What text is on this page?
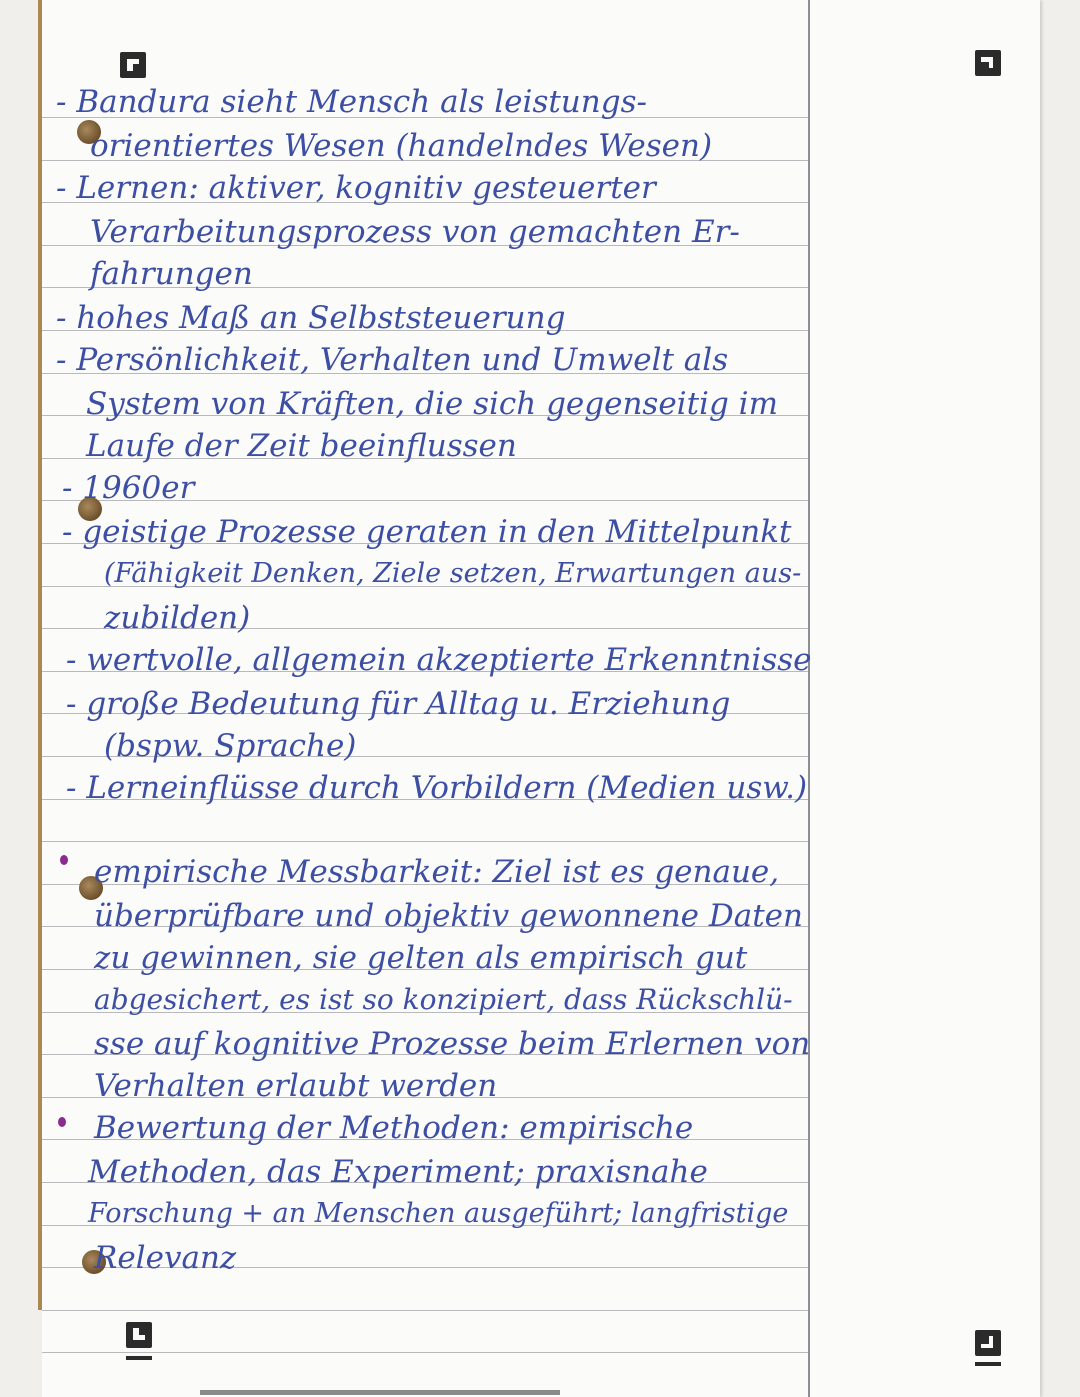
- Bandura sieht Mensch als leistungs-
orientiertes Wesen (handelndes Wesen)
- Lernen: aktiver, kognitiv gesteuerter
Verarbeitungsprozess von gemachten Er-
fahrungen
- hohes Maß an Selbststeuerung
- Persönlichkeit, Verhalten und Umwelt als
System von Kräften, die sich gegenseitig im
Laufe der Zeit beeinflussen
- 1960er
- geistige Prozesse geraten in den Mittelpunkt
(Fähigkeit Denken, Ziele setzen, Erwartungen aus-
zubilden)
- wertvolle, allgemein akzeptierte Erkenntnisse
- große Bedeutung für Alltag u. Erziehung
(bspw. Sprache)
- Lerneinflüsse durch Vorbildern (Medien usw.)
empirische Messbarkeit: Ziel ist es genaue,
überprüfbare und objektiv gewonnene Daten
zu gewinnen, sie gelten als empirisch gut
abgesichert, es ist so konzipiert, dass Rückschlü-
sse auf kognitive Prozesse beim Erlernen von
Verhalten erlaubt werden
Bewertung der Methoden: empirische
Methoden, das Experiment; praxisnahe
Forschung + an Menschen ausgeführt; langfristige
Relevanz
